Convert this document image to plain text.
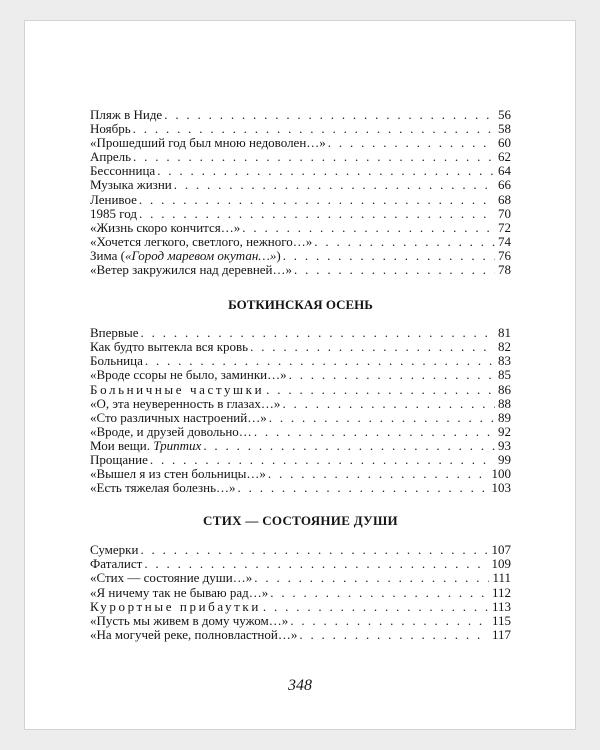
Пляж в Ниде . . .	56
Ноябрь . . .	58
«Прошедший год был мною недоволен…» . . .	60
Апрель . . .	62
Бессонница . . .	64
Музыка жизни . . .	66
Ленивое . . .	68
1985 год . . .	70
«Жизнь скоро кончится…» . . .	72
«Хочется легкого, светлого, нежного…» . . .	74
Зима («Город маревом окутан…») . . .	76
«Ветер закружился над деревней…» . . .	78
БОТКИНСКАЯ ОСЕНЬ
Впервые . . .	81
Как будто вытекла вся кровь . . .	82
Больница . . .	83
«Вроде ссоры не было, заминки…» . . .	85
Больничные частушки . . .	86
«О, эта неуверенность в глазах…» . . .	88
«Сто различных настроений…» . . .	89
«Вроде, и друзей довольно… . . .	92
Мои вещи. Триптих . . .	93
Прощание . . .	99
«Вышел я из стен больницы…» . . .	100
«Есть тяжелая болезнь…» . . .	103
СТИХ — СОСТОЯНИЕ ДУШИ
Сумерки . . .	107
Фаталист . . .	109
«Стих — состояние души…» . . .	111
«Я ничему так не бываю рад…» . . .	112
Курортные прибаутки . . .	113
«Пусть мы живем в дому чужом…» . . .	115
«На могучей реке, полновластной…» . . .	117
348
